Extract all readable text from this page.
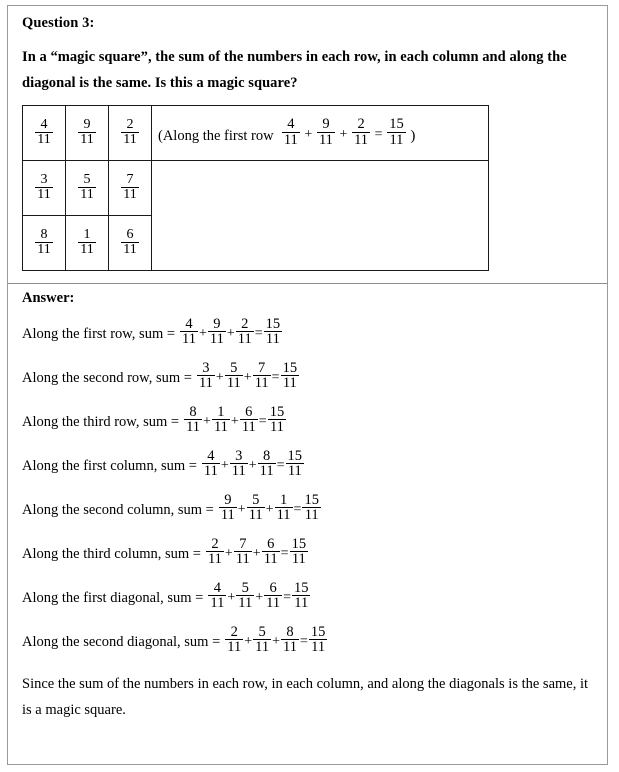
Question 3:
In a “magic square”, the sum of the numbers in each row, in each column and along the diagonal is the same. Is this a magic square?
$\frac{4}{11}$	$\frac{9}{11}$	$\frac{2}{11}$	(Along the first row $\frac{4}{11} + \frac{9}{11} + \frac{2}{11} = \frac{15}{11}$ )

$\frac{3}{11}$	$\frac{5}{11}$	$\frac{7}{11}$

$\frac{8}{11}$	$\frac{1}{11}$	$\frac{6}{11}$
Answer:
Along the first row, sum = $\frac{4}{11} + \frac{9}{11} + \frac{2}{11} = \frac{15}{11}$
Along the second row, sum = $\frac{3}{11} + \frac{5}{11} + \frac{7}{11} = \frac{15}{11}$
Along the third row, sum = $\frac{8}{11} + \frac{1}{11} + \frac{6}{11} = \frac{15}{11}$
Along the first column, sum = $\frac{4}{11} + \frac{3}{11} + \frac{8}{11} = \frac{15}{11}$
Along the second column, sum = $\frac{9}{11} + \frac{5}{11} + \frac{1}{11} = \frac{15}{11}$
Along the third column, sum = $\frac{2}{11} + \frac{7}{11} + \frac{6}{11} = \frac{15}{11}$
Along the first diagonal, sum = $\frac{4}{11} + \frac{5}{11} + \frac{6}{11} = \frac{15}{11}$
Along the second diagonal, sum = $\frac{2}{11} + \frac{5}{11} + \frac{8}{11} = \frac{15}{11}$
Since the sum of the numbers in each row, in each column, and along the diagonals is the same, it is a magic square.
